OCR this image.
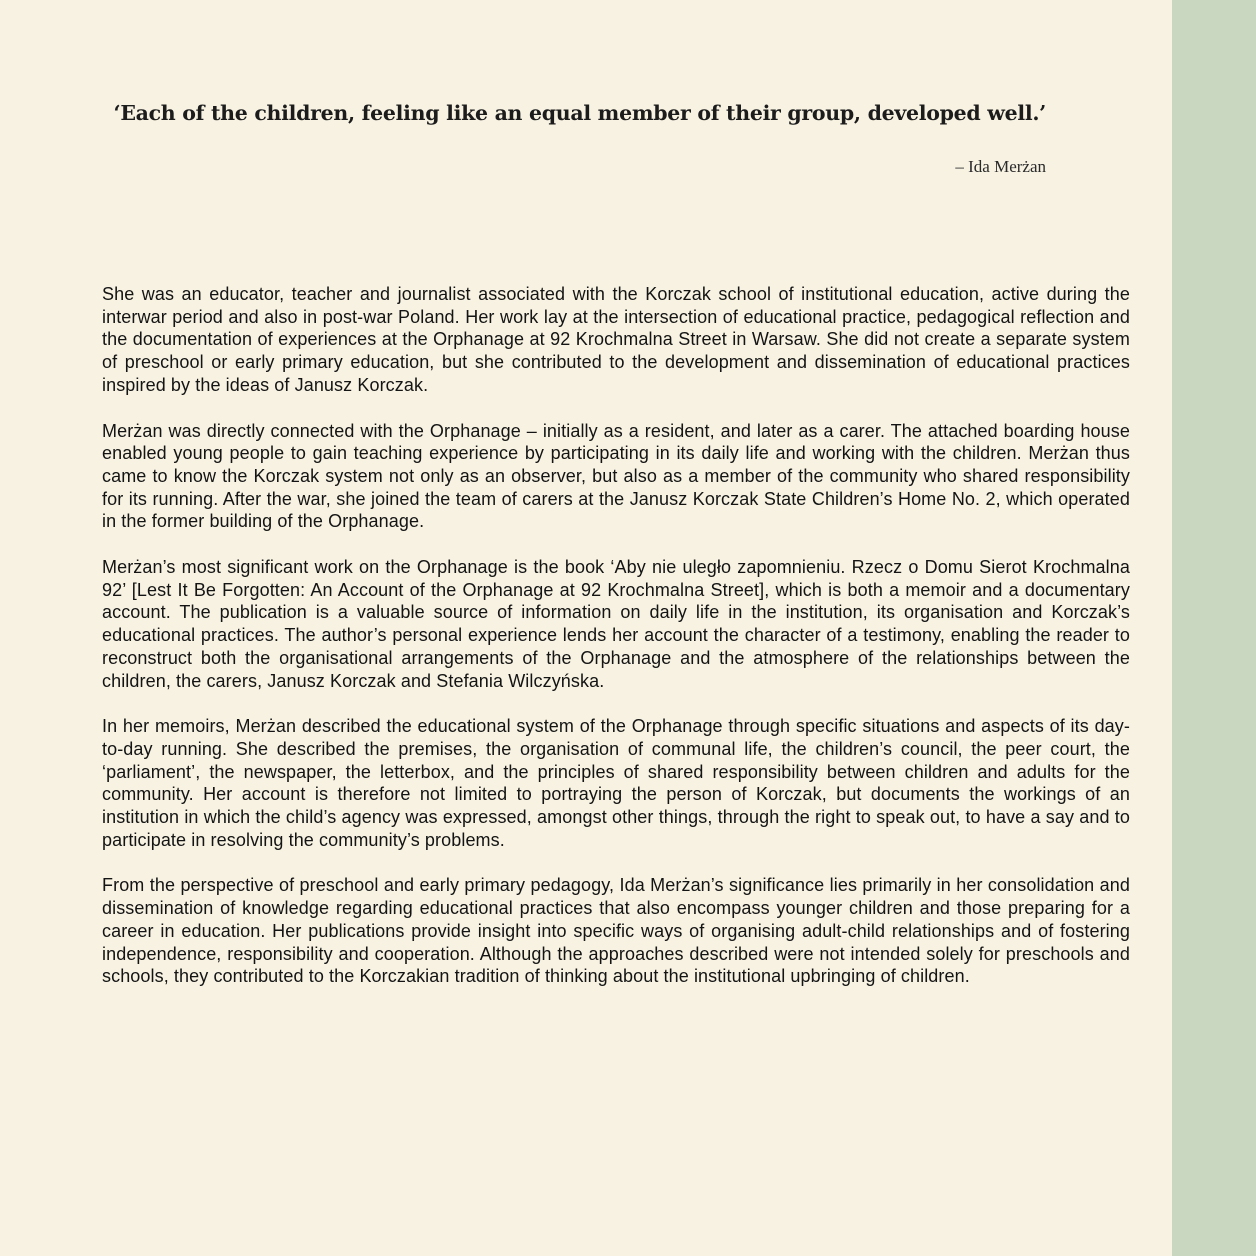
‘Each of the children, feeling like an equal member of their group, developed well.’
– Ida Merżan

She was an educator, teacher and journalist associated with the Korczak school of institutional education, active during the interwar period and also in post-war Poland. Her work lay at the intersection of educational practice, pedagogical reflection and the documentation of experiences at the Orphanage at 92 Krochmalna Street in Warsaw. She did not create a separate system of preschool or early primary education, but she contributed to the development and dissemination of educational practices inspired by the ideas of Janusz Korczak.

Merżan was directly connected with the Orphanage – initially as a resident, and later as a carer. The attached boarding house enabled young people to gain teaching experience by participating in its daily life and working with the children. Merżan thus came to know the Korczak system not only as an observer, but also as a member of the community who shared responsibility for its running. After the war, she joined the team of carers at the Janusz Korczak State Children’s Home No. 2, which operated in the former building of the Orphanage.

Merżan’s most significant work on the Orphanage is the book ‘Aby nie uległo zapomnieniu. Rzecz o Domu Sierot Krochmalna 92’ [Lest It Be Forgotten: An Account of the Orphanage at 92 Krochmalna Street], which is both a memoir and a documentary account. The publication is a valuable source of information on daily life in the institution, its organisation and Korczak’s educational practices. The author’s personal experience lends her account the character of a testimony, enabling the reader to reconstruct both the organisational arrangements of the Orphanage and the atmosphere of the relationships between the children, the carers, Janusz Korczak and Stefania Wilczyńska.

In her memoirs, Merżan described the educational system of the Orphanage through specific situations and aspects of its day-to-day running. She described the premises, the organisation of communal life, the children’s council, the peer court, the ‘parliament’, the newspaper, the letterbox, and the principles of shared responsibility between children and adults for the community. Her account is therefore not limited to portraying the person of Korczak, but documents the workings of an institution in which the child’s agency was expressed, amongst other things, through the right to speak out, to have a say and to participate in resolving the community’s problems.

From the perspective of preschool and early primary pedagogy, Ida Merżan’s significance lies primarily in her consolidation and dissemination of knowledge regarding educational practices that also encompass younger children and those preparing for a career in education. Her publications provide insight into specific ways of organising adult-child relationships and of fostering independence, responsibility and cooperation. Although the approaches described were not intended solely for preschools and schools, they contributed to the Korczakian tradition of thinking about the institutional upbringing of children.
